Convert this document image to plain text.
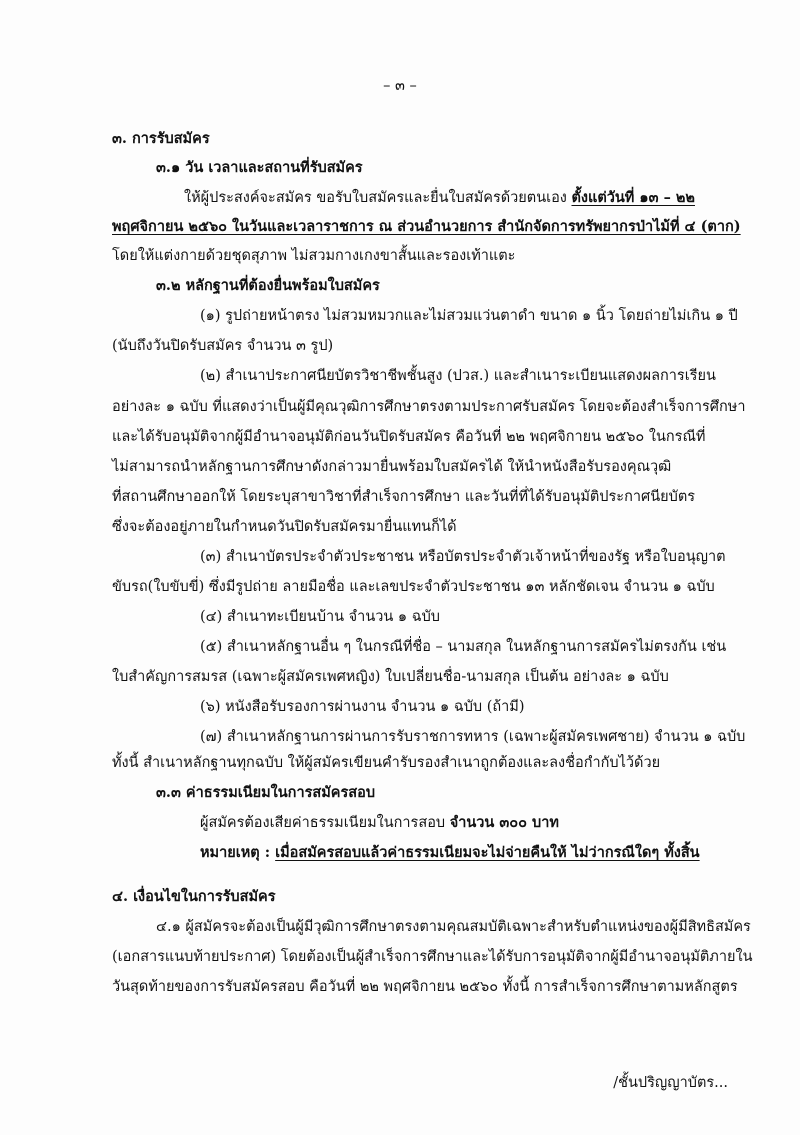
– ๓ –
๓. การรับสมัคร
๓.๑ วัน เวลาและสถานที่รับสมัคร
ให้ผู้ประสงค์จะสมัคร ขอรับใบสมัครและยื่นใบสมัครด้วยตนเอง ตั้งแต่วันที่ ๑๓ – ๒๒
พฤศจิกายน ๒๕๖๐ ในวันและเวลาราชการ ณ ส่วนอำนวยการ สำนักจัดการทรัพยากรป่าไม้ที่ ๔ (ตาก)
โดยให้แต่งกายด้วยชุดสุภาพ ไม่สวมกางเกงขาสั้นและรองเท้าแตะ
๓.๒ หลักฐานที่ต้องยื่นพร้อมใบสมัคร
(๑) รูปถ่ายหน้าตรง ไม่สวมหมวกและไม่สวมแว่นตาดำ ขนาด ๑ นิ้ว โดยถ่ายไม่เกิน ๑ ปี
(นับถึงวันปิดรับสมัคร จำนวน ๓ รูป)
(๒) สำเนาประกาศนียบัตรวิชาชีพชั้นสูง (ปวส.) และสำเนาระเบียนแสดงผลการเรียน
อย่างละ ๑ ฉบับ ที่แสดงว่าเป็นผู้มีคุณวุฒิการศึกษาตรงตามประกาศรับสมัคร โดยจะต้องสำเร็จการศึกษา
และได้รับอนุมัติจากผู้มีอำนาจอนุมัติก่อนวันปิดรับสมัคร คือวันที่ ๒๒ พฤศจิกายน ๒๕๖๐ ในกรณีที่
ไม่สามารถนำหลักฐานการศึกษาดังกล่าวมายื่นพร้อมใบสมัครได้ ให้นำหนังสือรับรองคุณวุฒิ
ที่สถานศึกษาออกให้ โดยระบุสาขาวิชาที่สำเร็จการศึกษา และวันที่ที่ได้รับอนุมัติประกาศนียบัตร
ซึ่งจะต้องอยู่ภายในกำหนดวันปิดรับสมัครมายื่นแทนก็ได้
(๓) สำเนาบัตรประจำตัวประชาชน หรือบัตรประจำตัวเจ้าหน้าที่ของรัฐ หรือใบอนุญาต
ขับรถ(ใบขับขี่) ซึ่งมีรูปถ่าย ลายมือชื่อ และเลขประจำตัวประชาชน ๑๓ หลักชัดเจน จำนวน ๑ ฉบับ
(๔) สำเนาทะเบียนบ้าน จำนวน ๑ ฉบับ
(๕) สำเนาหลักฐานอื่น ๆ ในกรณีที่ชื่อ – นามสกุล ในหลักฐานการสมัครไม่ตรงกัน เช่น
ใบสำคัญการสมรส (เฉพาะผู้สมัครเพศหญิง) ใบเปลี่ยนชื่อ-นามสกุล เป็นต้น อย่างละ ๑ ฉบับ
(๖) หนังสือรับรองการผ่านงาน จำนวน ๑ ฉบับ (ถ้ามี)
(๗) สำเนาหลักฐานการผ่านการรับราชการทหาร (เฉพาะผู้สมัครเพศชาย) จำนวน ๑ ฉบับ
ทั้งนี้ สำเนาหลักฐานทุกฉบับ ให้ผู้สมัครเขียนคำรับรองสำเนาถูกต้องและลงชื่อกำกับไว้ด้วย
๓.๓ ค่าธรรมเนียมในการสมัครสอบ
ผู้สมัครต้องเสียค่าธรรมเนียมในการสอบ จำนวน ๓๐๐ บาท
หมายเหตุ : เมื่อสมัครสอบแล้วค่าธรรมเนียมจะไม่จ่ายคืนให้ ไม่ว่ากรณีใดๆ ทั้งสิ้น
๔. เงื่อนไขในการรับสมัคร
๔.๑ ผู้สมัครจะต้องเป็นผู้มีวุฒิการศึกษาตรงตามคุณสมบัติเฉพาะสำหรับตำแหน่งของผู้มีสิทธิสมัคร
(เอกสารแนบท้ายประกาศ) โดยต้องเป็นผู้สำเร็จการศึกษาและได้รับการอนุมัติจากผู้มีอำนาจอนุมัติภายใน
วันสุดท้ายของการรับสมัครสอบ คือวันที่ ๒๒ พฤศจิกายน ๒๕๖๐ ทั้งนี้ การสำเร็จการศึกษาตามหลักสูตร
/ชั้นปริญญาบัตร...
